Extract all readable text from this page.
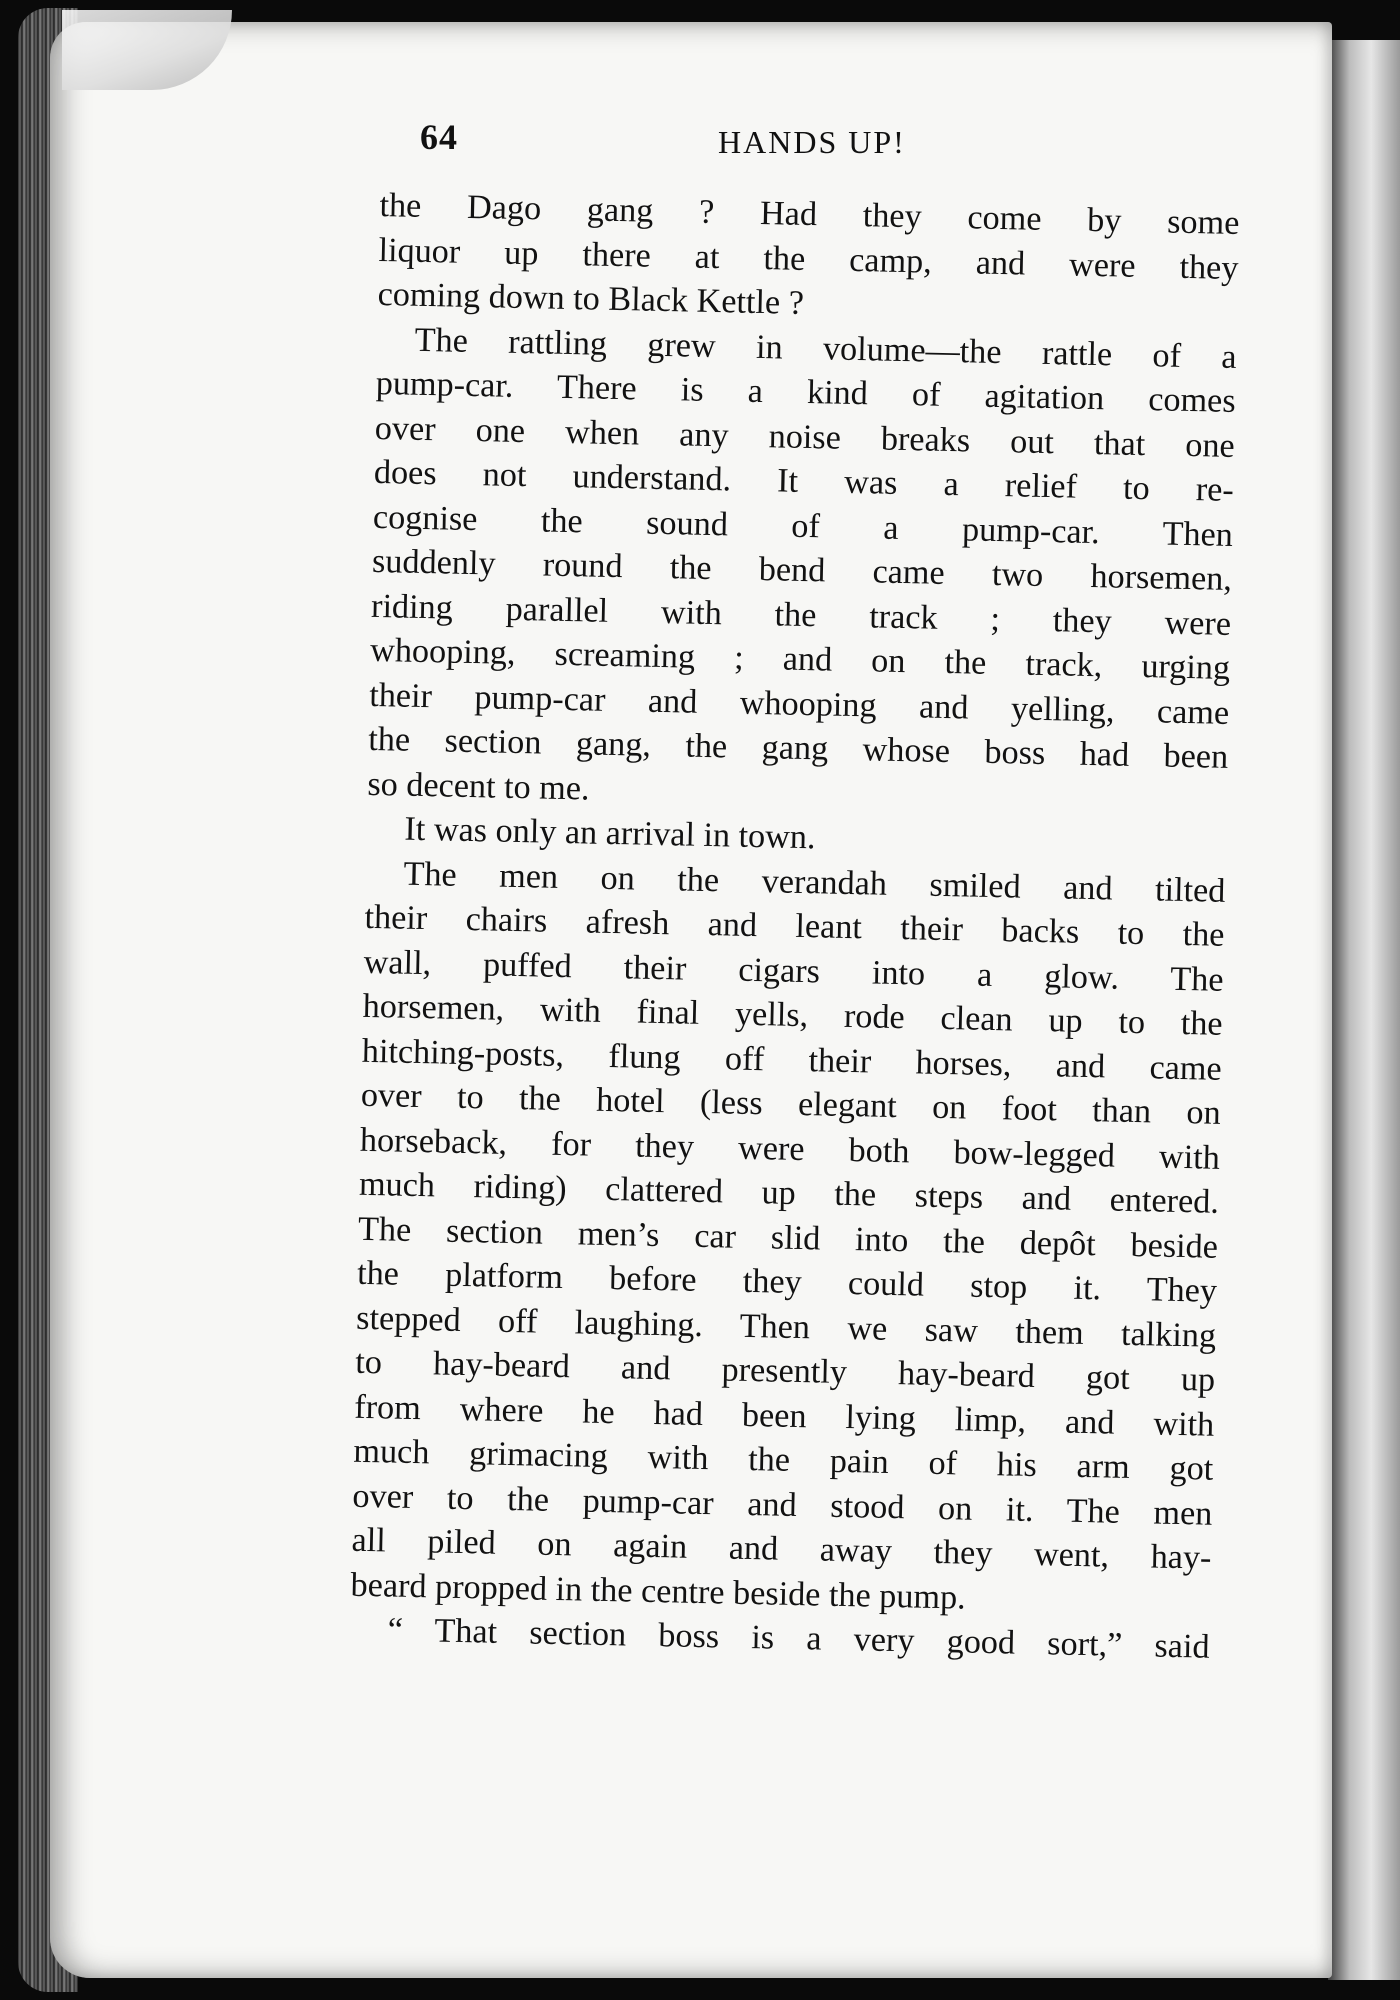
64	HANDS UP!
the Dago gang ? Had they come by some
liquor up there at the camp, and were they
coming down to Black Kettle ?
The rattling grew in volume—the rattle of a
pump-car. There is a kind of agitation comes
over one when any noise breaks out that one
does not understand. It was a relief to re-
cognise the sound of a pump-car. Then
suddenly round the bend came two horsemen,
riding parallel with the track ; they were
whooping, screaming ; and on the track, urging
their pump-car and whooping and yelling, came
the section gang, the gang whose boss had been
so decent to me.
It was only an arrival in town.
The men on the verandah smiled and tilted
their chairs afresh and leant their backs to the
wall, puffed their cigars into a glow. The
horsemen, with final yells, rode clean up to the
hitching-posts, flung off their horses, and came
over to the hotel (less elegant on foot than on
horseback, for they were both bow-legged with
much riding) clattered up the steps and entered.
The section men’s car slid into the depôt beside
the platform before they could stop it. They
stepped off laughing. Then we saw them talking
to hay-beard and presently hay-beard got up
from where he had been lying limp, and with
much grimacing with the pain of his arm got
over to the pump-car and stood on it. The men
all piled on again and away they went, hay-
beard propped in the centre beside the pump.
“ That section boss is a very good sort,” said
